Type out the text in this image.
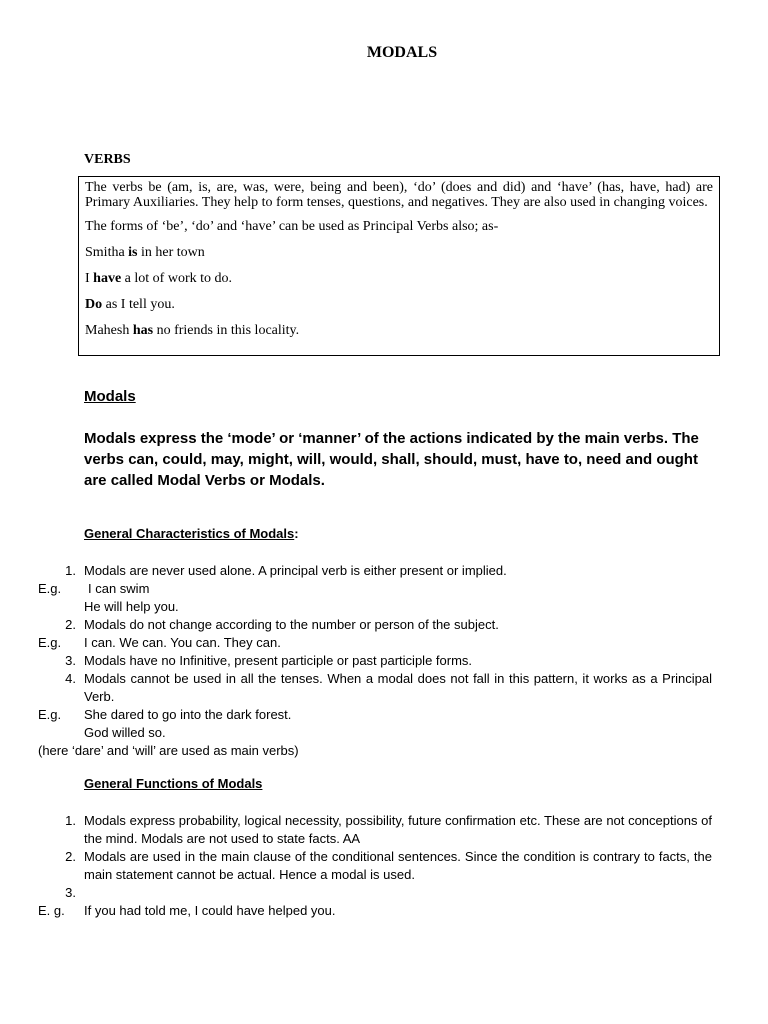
MODALS
VERBS

The verbs be (am, is, are, was, were, being and been), ‘do’ (does and did) and ‘have’ (has, have, had) are Primary Auxiliaries. They help to form tenses, questions, and negatives. They are also used in changing voices.

The forms of ‘be’, ‘do’ and ‘have’ can be used as Principal Verbs also; as-

Smitha is in her town

I have a lot of work to do.

Do as I tell you.

Mahesh has no friends in this locality.

Modals
Modals express the ‘mode’ or ‘manner’ of the actions indicated by the main verbs. The verbs can, could, may, might, will, would, shall, should, must, have to, need and ought are called Modal Verbs or Modals.
General Characteristics of Modals:
1. Modals are never used alone. A principal verb is either present or implied.
E.g. I can swim
He will help you.
2. Modals do not change according to the number or person of the subject.
E.g. I can. We can. You can. They can.
3. Modals have no Infinitive, present participle or past participle forms.
4. Modals cannot be used in all the tenses. When a modal does not fall in this pattern, it works as a Principal Verb.
E.g. She dared to go into the dark forest.
God willed so.
(here ‘dare’ and ‘will’ are used as main verbs)
General Functions of Modals
1. Modals express probability, logical necessity, possibility, future confirmation etc. These are not conceptions of the mind. Modals are not used to state facts. AA
2. Modals are used in the main clause of the conditional sentences. Since the condition is contrary to facts, the main statement cannot be actual. Hence a modal is used.
3.
E. g. If you had told me, I could have helped you.
